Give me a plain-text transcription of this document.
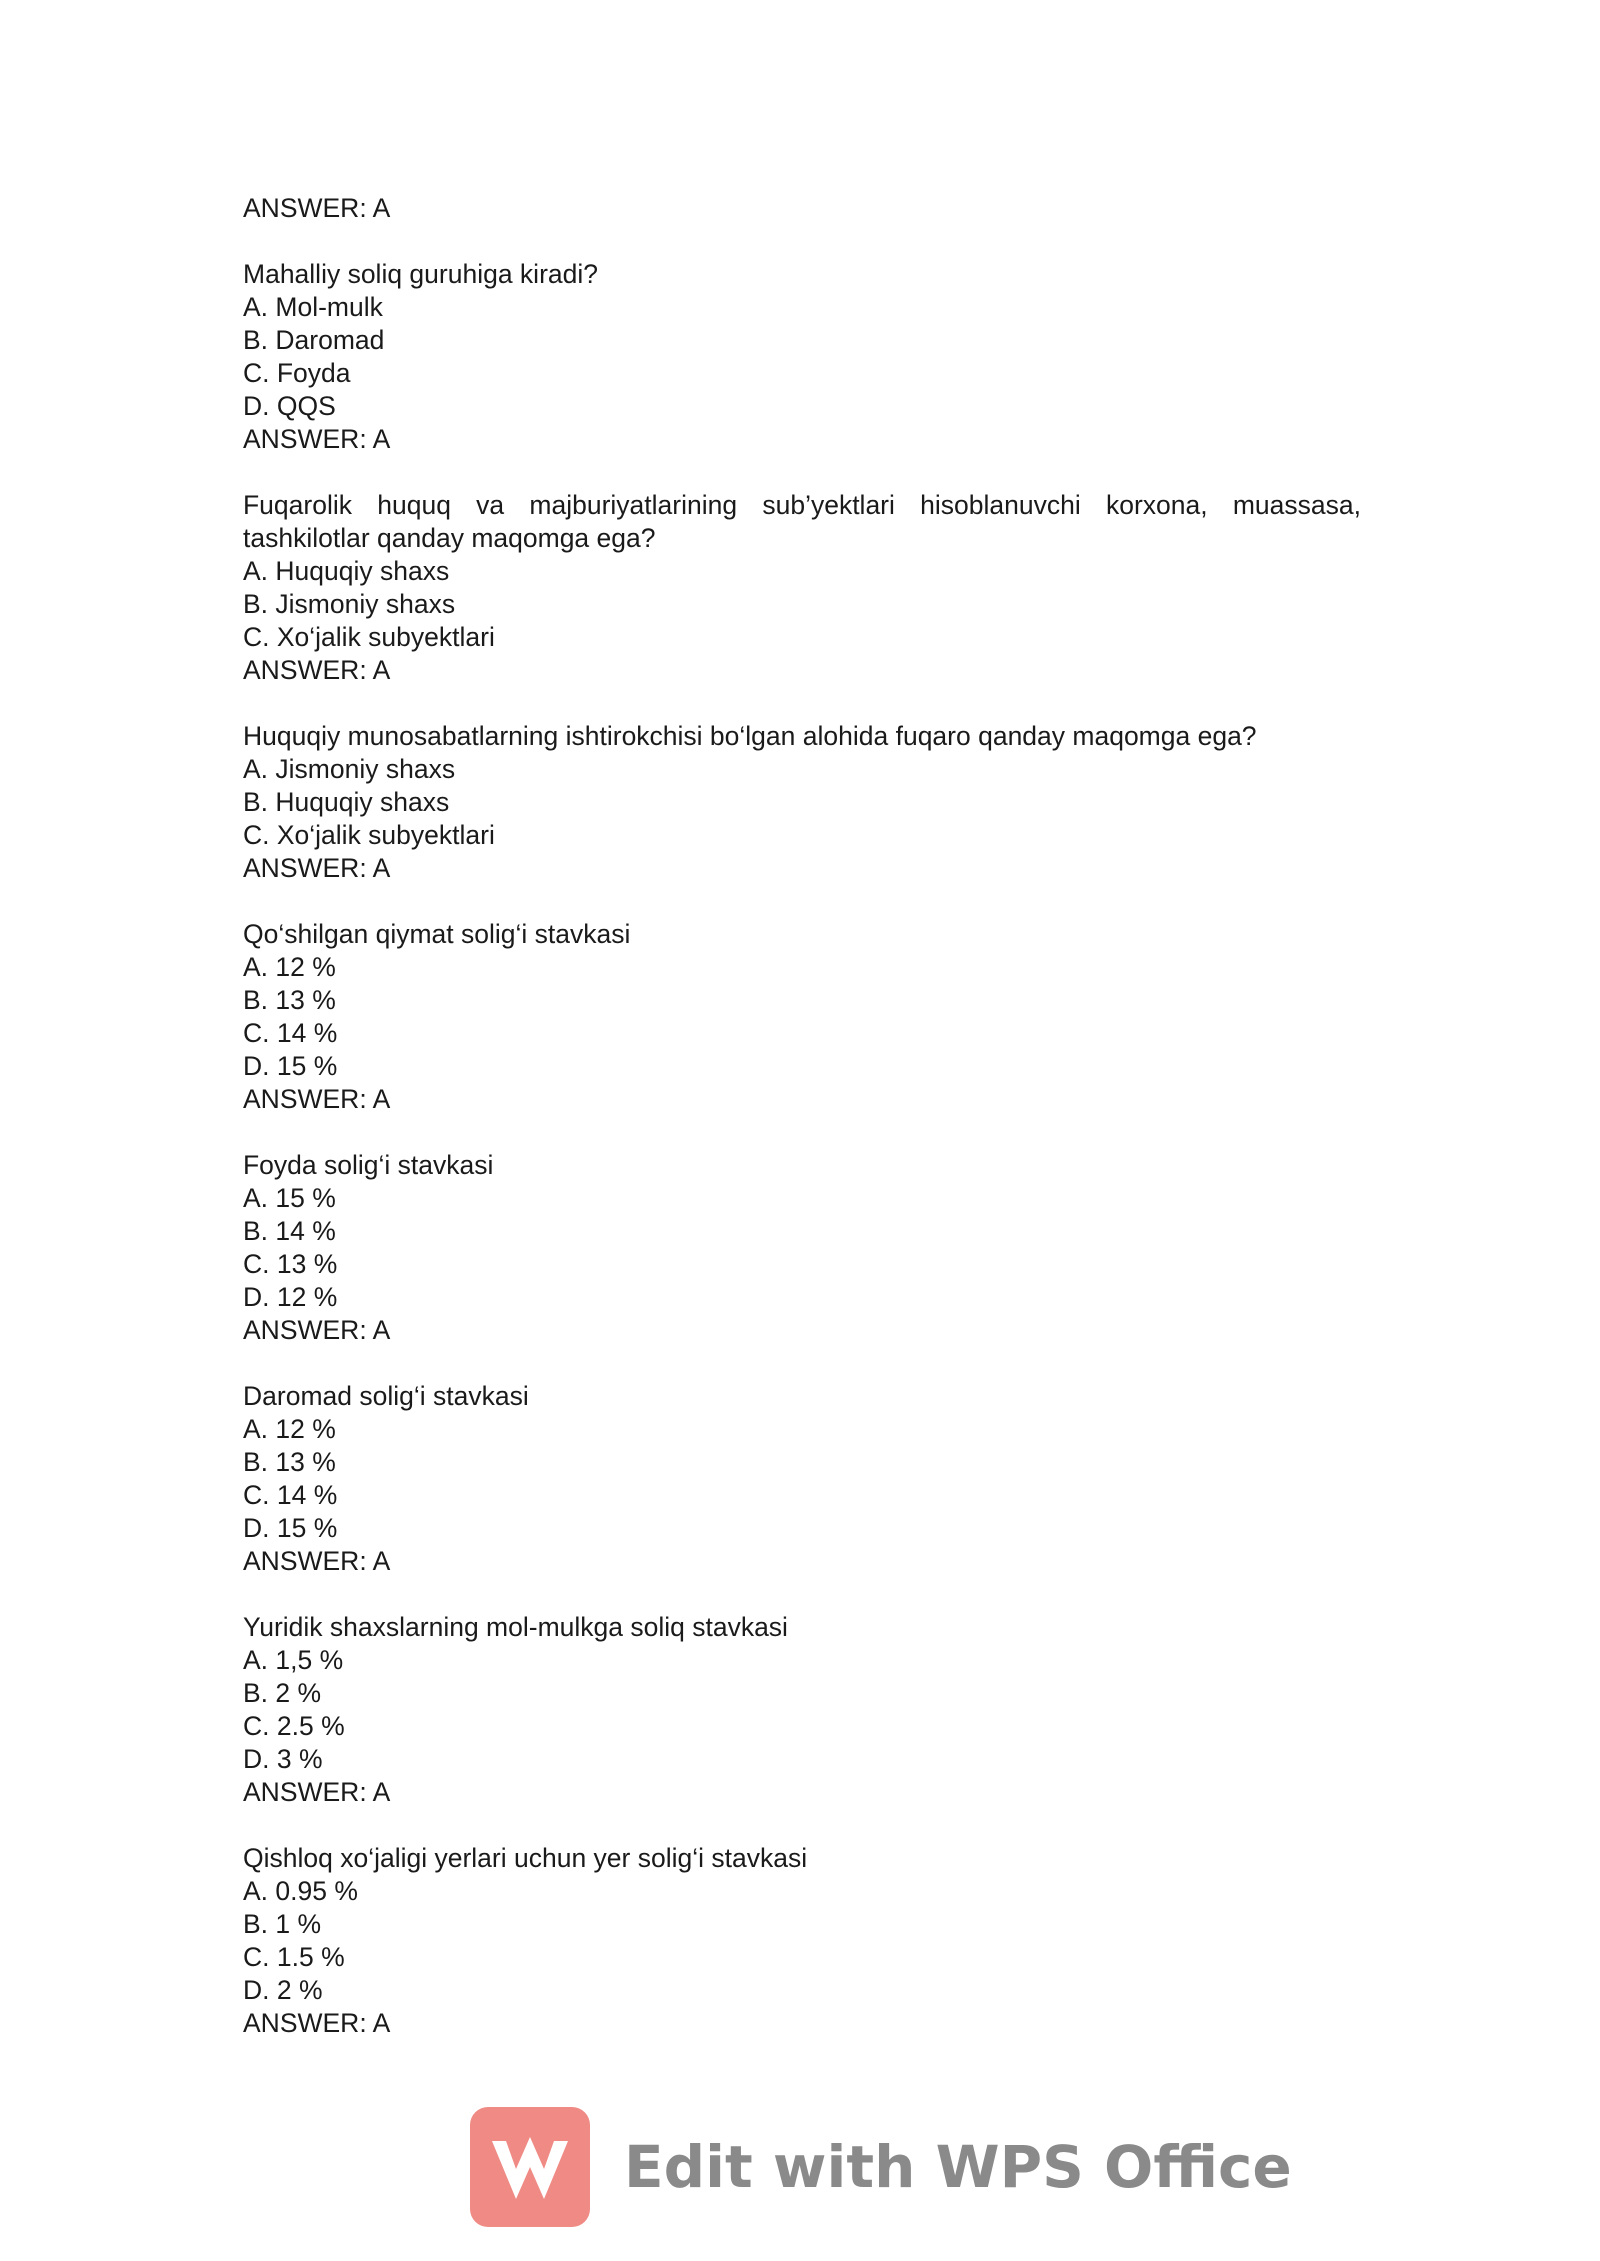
ANSWER: A
Mahalliy soliq guruhiga kiradi?
A. Mol-mulk
B. Daromad
C. Foyda
D. QQS
ANSWER: A
Fuqarolik huquq va majburiyatlarining sub’yektlari hisoblanuvchi korxona, muassasa, tashkilotlar qanday maqomga ega?
A. Huquqiy shaxs
B. Jismoniy shaxs
C. Xo‘jalik subyektlari
ANSWER: A
Huquqiy munosabatlarning ishtirokchisi bo‘lgan alohida fuqaro qanday maqomga ega?
A. Jismoniy shaxs
B. Huquqiy shaxs
C. Xo‘jalik subyektlari
ANSWER: A
Qo‘shilgan qiymat solig‘i stavkasi
A. 12 %
B. 13 %
C. 14 %
D. 15 %
ANSWER: A
Foyda solig‘i stavkasi
A. 15 %
B. 14 %
C. 13 %
D. 12 %
ANSWER: A
Daromad solig‘i stavkasi
A. 12 %
B. 13 %
C. 14 %
D. 15 %
ANSWER: A
Yuridik shaxslarning mol-mulkga soliq stavkasi
A. 1,5 %
B. 2 %
C. 2.5 %
D. 3 %
ANSWER: A
Qishloq xo‘jaligi yerlari uchun yer solig‘i stavkasi
A. 0.95 %
B. 1 %
C. 1.5 %
D. 2 %
ANSWER: A
Edit with WPS Office
